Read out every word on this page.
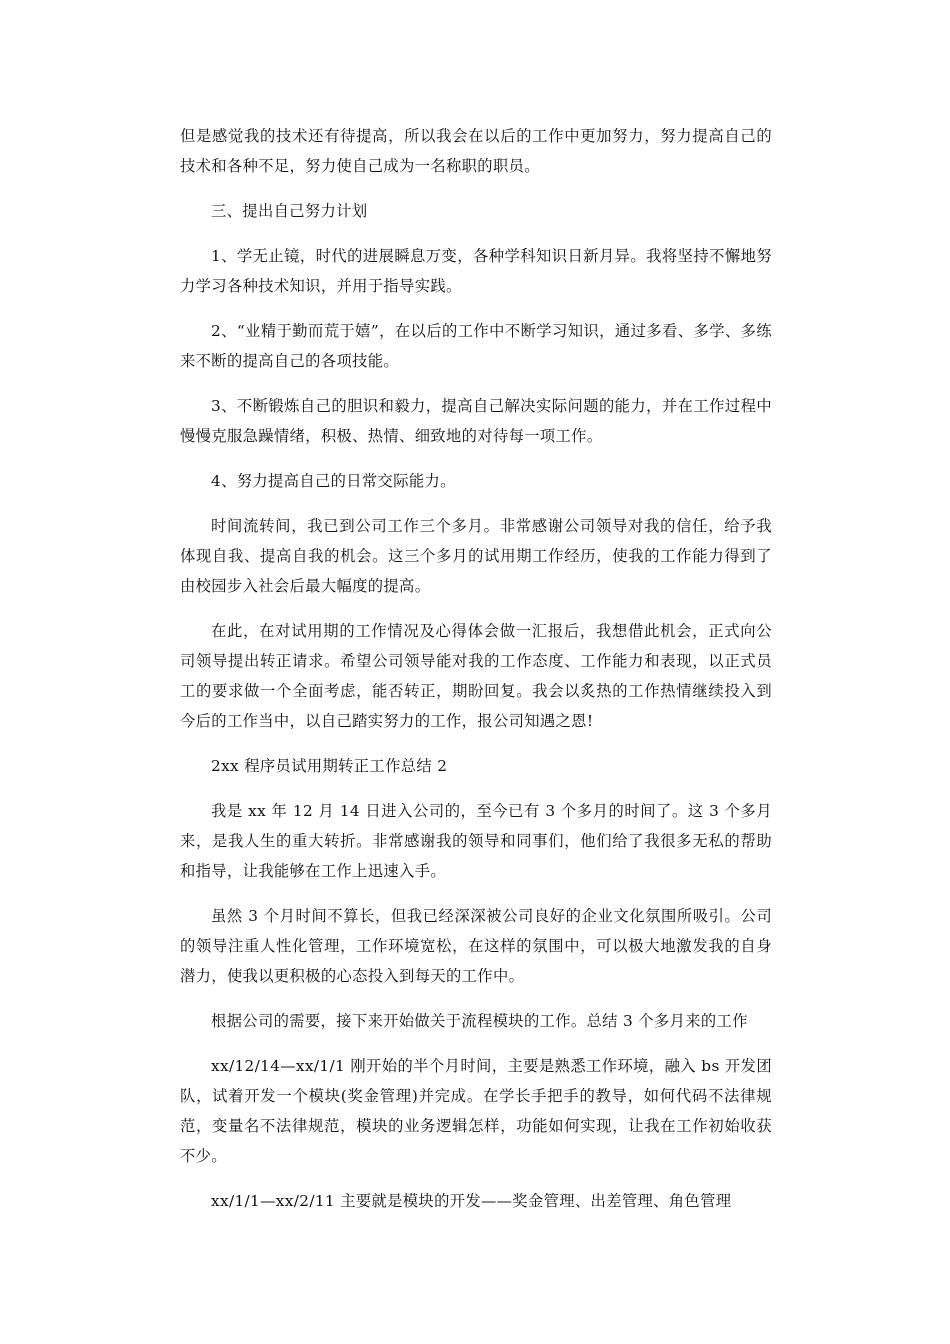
但是感觉我的技术还有待提高，所以我会在以后的工作中更加努力，努力提高自己的技术和各种不足，努力使自己成为一名称职的职员。

三、提出自己努力计划

1、学无止镜，时代的进展瞬息万变，各种学科知识日新月异。我将坚持不懈地努力学习各种技术知识，并用于指导实践。

2、“业精于勤而荒于嬉”，在以后的工作中不断学习知识，通过多看、多学、多练来不断的提高自己的各项技能。

3、不断锻炼自己的胆识和毅力，提高自己解决实际问题的能力，并在工作过程中慢慢克服急躁情绪，积极、热情、细致地的对待每一项工作。

4、努力提高自己的日常交际能力。

时间流转间，我已到公司工作三个多月。非常感谢公司领导对我的信任，给予我体现自我、提高自我的机会。这三个多月的试用期工作经历，使我的工作能力得到了由校园步入社会后最大幅度的提高。

在此，在对试用期的工作情况及心得体会做一汇报后，我想借此机会，正式向公司领导提出转正请求。希望公司领导能对我的工作态度、工作能力和表现，以正式员工的要求做一个全面考虑，能否转正，期盼回复。我会以炙热的工作热情继续投入到今后的工作当中，以自己踏实努力的工作，报公司知遇之恩!

2xx 程序员试用期转正工作总结 2

我是 xx 年 12 月 14 日进入公司的，至今已有 3 个多月的时间了。这 3 个多月来，是我人生的重大转折。非常感谢我的领导和同事们，他们给了我很多无私的帮助和指导，让我能够在工作上迅速入手。

虽然 3 个月时间不算长，但我已经深深被公司良好的企业文化氛围所吸引。公司的领导注重人性化管理，工作环境宽松，在这样的氛围中，可以极大地激发我的自身潜力，使我以更积极的心态投入到每天的工作中。

根据公司的需要，接下来开始做关于流程模块的工作。总结 3 个多月来的工作

xx/12/14—xx/1/1 刚开始的半个月时间，主要是熟悉工作环境，融入 bs 开发团队，试着开发一个模块(奖金管理)并完成。在学长手把手的教导，如何代码不法律规范，变量名不法律规范，模块的业务逻辑怎样，功能如何实现，让我在工作初始收获不少。

xx/1/1—xx/2/11 主要就是模块的开发——奖金管理、出差管理、角色管理
